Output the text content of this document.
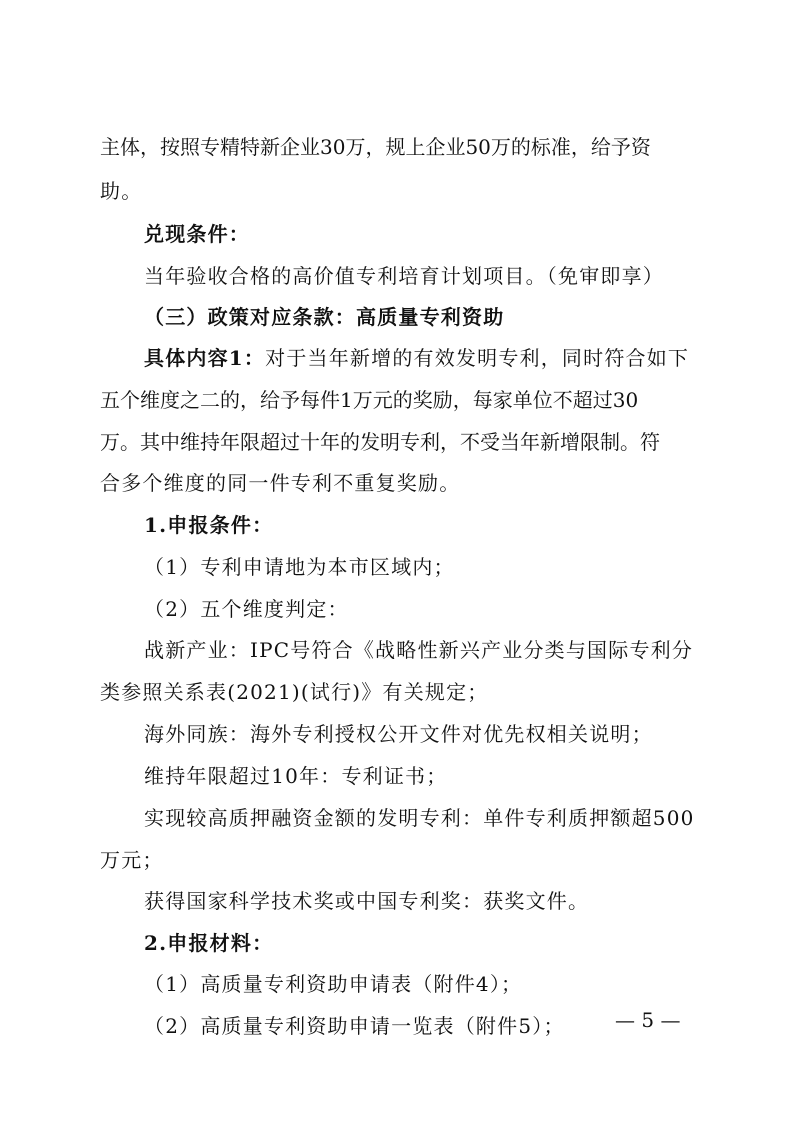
主体，按照专精特新企业30万，规上企业50万的标准，给予资
助。
兑现条件：
当年验收合格的高价值专利培育计划项目。（免审即享）
（三）政策对应条款：高质量专利资助
具体内容1：对于当年新增的有效发明专利，同时符合如下
五个维度之二的，给予每件1万元的奖励，每家单位不超过30
万。其中维持年限超过十年的发明专利，不受当年新增限制。符
合多个维度的同一件专利不重复奖励。
1.申报条件：
（1）专利申请地为本市区域内；
（2）五个维度判定：
战新产业：IPC号符合《战略性新兴产业分类与国际专利分
类参照关系表(2021)(试行)》有关规定；
海外同族：海外专利授权公开文件对优先权相关说明；
维持年限超过10年：专利证书；
实现较高质押融资金额的发明专利：单件专利质押额超500
万元；
获得国家科学技术奖或中国专利奖：获奖文件。
2.申报材料：
（1）高质量专利资助申请表（附件4）；
（2）高质量专利资助申请一览表（附件5）；	— 5 —
